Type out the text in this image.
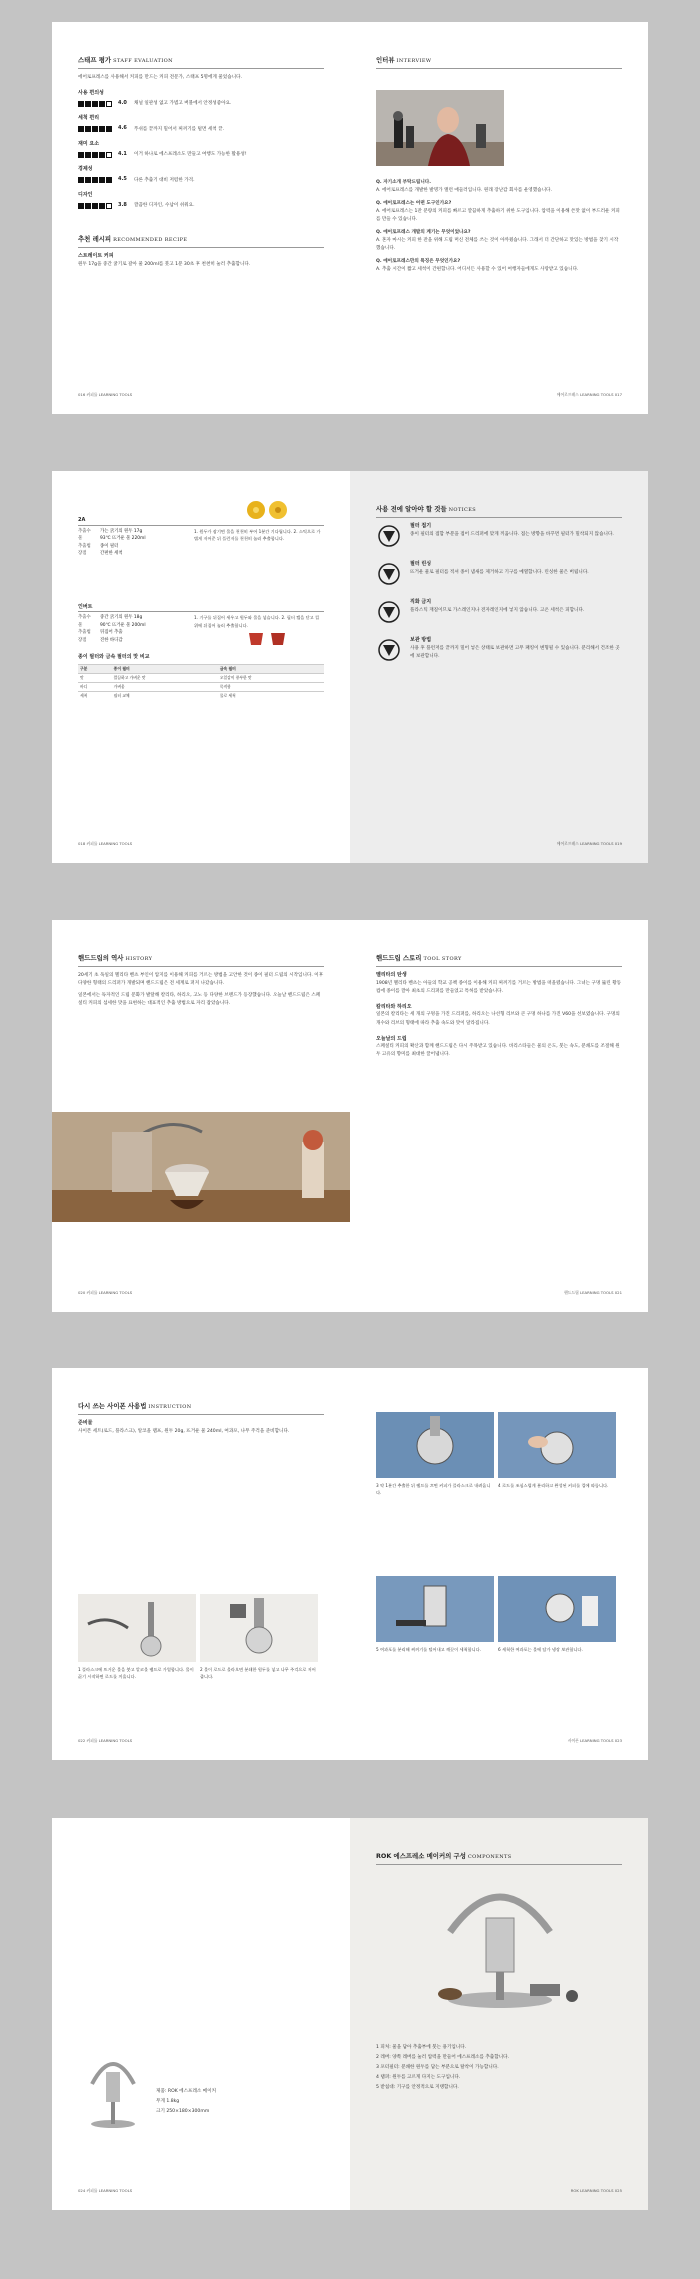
스태프 평가 STAFF EVALUATION
에어로프레스를 사용해서 커피를 만드는 커피 전문가, 스태프 5명에게 물었습니다.
사용 편의성
4.0	채널 일관성 없고 가볍고 버블에서 안정성좋아요.
세척 편리
4.6	푸쉬를 끝까지 밀어서 찌꺼기를 털면 세척 끝.
재미 요소
4.1	이거 하나로 에스프레소도 만들고 여행도 가능한 활용성!
경제성
4.5	다른 추출기 대비 저렴한 가격.
디자인
3.8	깔끔한 디자인, 수납이 쉬워요.
추천 레시피 RECOMMENDED RECIPE
스트레이트 커피
원두 17g을 중간 굵기로 갈아 물 200ml를 붓고 1분 30초 후 천천히 눌러 추출합니다.
016 커피를 LEARNING TOOLS
인터뷰 INTERVIEW
Q. 자기소개 부탁드립니다.
A. 에어로프레스를 개발한 발명가 앨런 애들러입니다. 원래 장난감 회사를 운영했습니다.
Q. 에어로프레스는 어떤 도구인가요?
A. 에어로프레스는 1잔 분량의 커피를 빠르고 깔끔하게 추출하기 위한 도구입니다. 압력을 이용해 쓴맛 없이 부드러운 커피를 만들 수 있습니다.
Q. 에어로프레스 개발의 계기는 무엇이었나요?
A. 혼자 마시는 커피 한 잔을 위해 드립 머신 전체를 쓰는 것이 아까웠습니다. 그래서 더 간단하고 맛있는 방법을 찾기 시작했습니다.
Q. 에어로프레스만의 특징은 무엇인가요?
A. 추출 시간이 짧고 세척이 간편합니다. 어디서든 사용할 수 있어 여행자들에게도 사랑받고 있습니다.
에어로프레스 LEARNING TOOLS 017
2A
추출수	가는 굵기의 원두 17g
물	93℃ 뜨거운 물 220ml
추출법	종이 필터
장점	간편한 세척
1. 원두가 잠기면 물을 천천히 부어 1분간 기다립니다. 2. 스틱으로 가볍게 저어준 뒤 플런저를 천천히 눌러 추출합니다.
인버트
추출수	중간 굵기의 원두 18g
물	90℃ 뜨거운 물 200ml
추출법	뒤집어 추출
장점	진한 바디감
1. 기구를 뒤집어 세우고 원두와 물을 넣습니다. 2. 필터 캡을 닫고 컵 위에 뒤집어 눌러 추출합니다.
종이 필터와 금속 필터의 맛 비교
구분	종이 필터	금속 필터
맛	깔끔하고 가벼운 맛	오일감이 풍부한 맛
바디	가벼움	묵직함
세척	필터 교체	물로 세척
018 커피를 LEARNING TOOLS
사용 전에 알아야 할 것들 NOTICES
필터 접기
종이 필터의 접합 부분을 접어 드리퍼에 맞게 끼웁니다. 접는 방향을 바꾸면 필터가 밀착되지 않습니다.
필터 린싱
뜨거운 물로 필터를 적셔 종이 냄새를 제거하고 기구를 예열합니다. 린싱한 물은 버립니다.
직화 금지
플라스틱 재질이므로 가스레인지나 전자레인지에 넣지 않습니다. 고온 세척은 피합니다.
보관 방법
사용 후 플런저를 끝까지 밀어 넣은 상태로 보관하면 고무 패킹이 변형될 수 있습니다. 분리해서 건조한 곳에 보관합니다.
에어로프레스 LEARNING TOOLS 019
핸드드립의 역사 HISTORY
20세기 초 독일의 멜리타 벤츠 부인이 압지를 이용해 커피를 거르는 방법을 고안한 것이 종이 필터 드립의 시작입니다. 이후 다양한 형태의 드리퍼가 개발되며 핸드드립은 전 세계로 퍼져 나갔습니다.
일본에서는 독자적인 드립 문화가 발달해 칼리타, 하리오, 고노 등 다양한 브랜드가 등장했습니다. 오늘날 핸드드립은 스페셜티 커피의 섬세한 맛을 표현하는 대표적인 추출 방법으로 자리 잡았습니다.
020 커피를 LEARNING TOOLS
핸드드립 스토리 TOOL STORY
멜리타의 탄생
1908년 멜리타 벤츠는 아들의 학교 공책 종이를 이용해 커피 찌꺼기를 거르는 방법을 떠올렸습니다. 그녀는 구멍 뚫린 황동 컵에 종이를 깔아 최초의 드리퍼를 만들었고 특허를 받았습니다.
칼리타와 하리오
일본의 칼리타는 세 개의 구멍을 가진 드리퍼를, 하리오는 나선형 리브와 큰 구멍 하나를 가진 V60을 선보였습니다. 구멍의 개수와 리브의 형태에 따라 추출 속도와 맛이 달라집니다.
오늘날의 드립
스페셜티 커피의 확산과 함께 핸드드립은 다시 주목받고 있습니다. 바리스타들은 물의 온도, 붓는 속도, 분쇄도를 조절해 원두 고유의 향미를 최대한 끌어냅니다.
핸드드립 LEARNING TOOLS 021
다시 쓰는 사이폰 사용법 INSTRUCTION
준비물
사이폰 세트(로드, 플라스크), 알코올 램프, 원두 20g, 뜨거운 물 240ml, 여과포, 나무 주걱을 준비합니다.
1 플라스크에 뜨거운 물을 붓고 알코올 램프로 가열합니다. 물이 끓기 시작하면 로드를 끼웁니다.
2 물이 로드로 올라오면 분쇄한 원두를 넣고 나무 주걱으로 저어 줍니다.
022 커피를 LEARNING TOOLS
3 약 1분간 추출한 뒤 램프를 끄면 커피가 플라스크로 내려옵니다.
4 로드를 조심스럽게 분리하고 완성된 커피를 컵에 따릅니다.
5 여과포를 분리해 찌꺼기를 털어내고 깨끗이 세척합니다.	6 세척한 여과포는 물에 담가 냉장 보관합니다.
사이폰 LEARNING TOOLS 023
제품: ROK 에스프레소 메이커
무게 1.8kg
크기 250×180×300mm
024 커피를 LEARNING TOOLS
ROK 에스프레소 메이커의 구성 COMPONENTS
1 피처: 물을 담아 추출부에 붓는 용기입니다.
2 레버: 양쪽 레버를 눌러 압력을 만들어 에스프레소를 추출합니다.
3 포터필터: 분쇄한 원두를 담는 부분으로 탈착이 가능합니다.
4 탬퍼: 원두를 고르게 다지는 도구입니다.
5 받침대: 기구를 안정적으로 지탱합니다.
ROK LEARNING TOOLS 025
